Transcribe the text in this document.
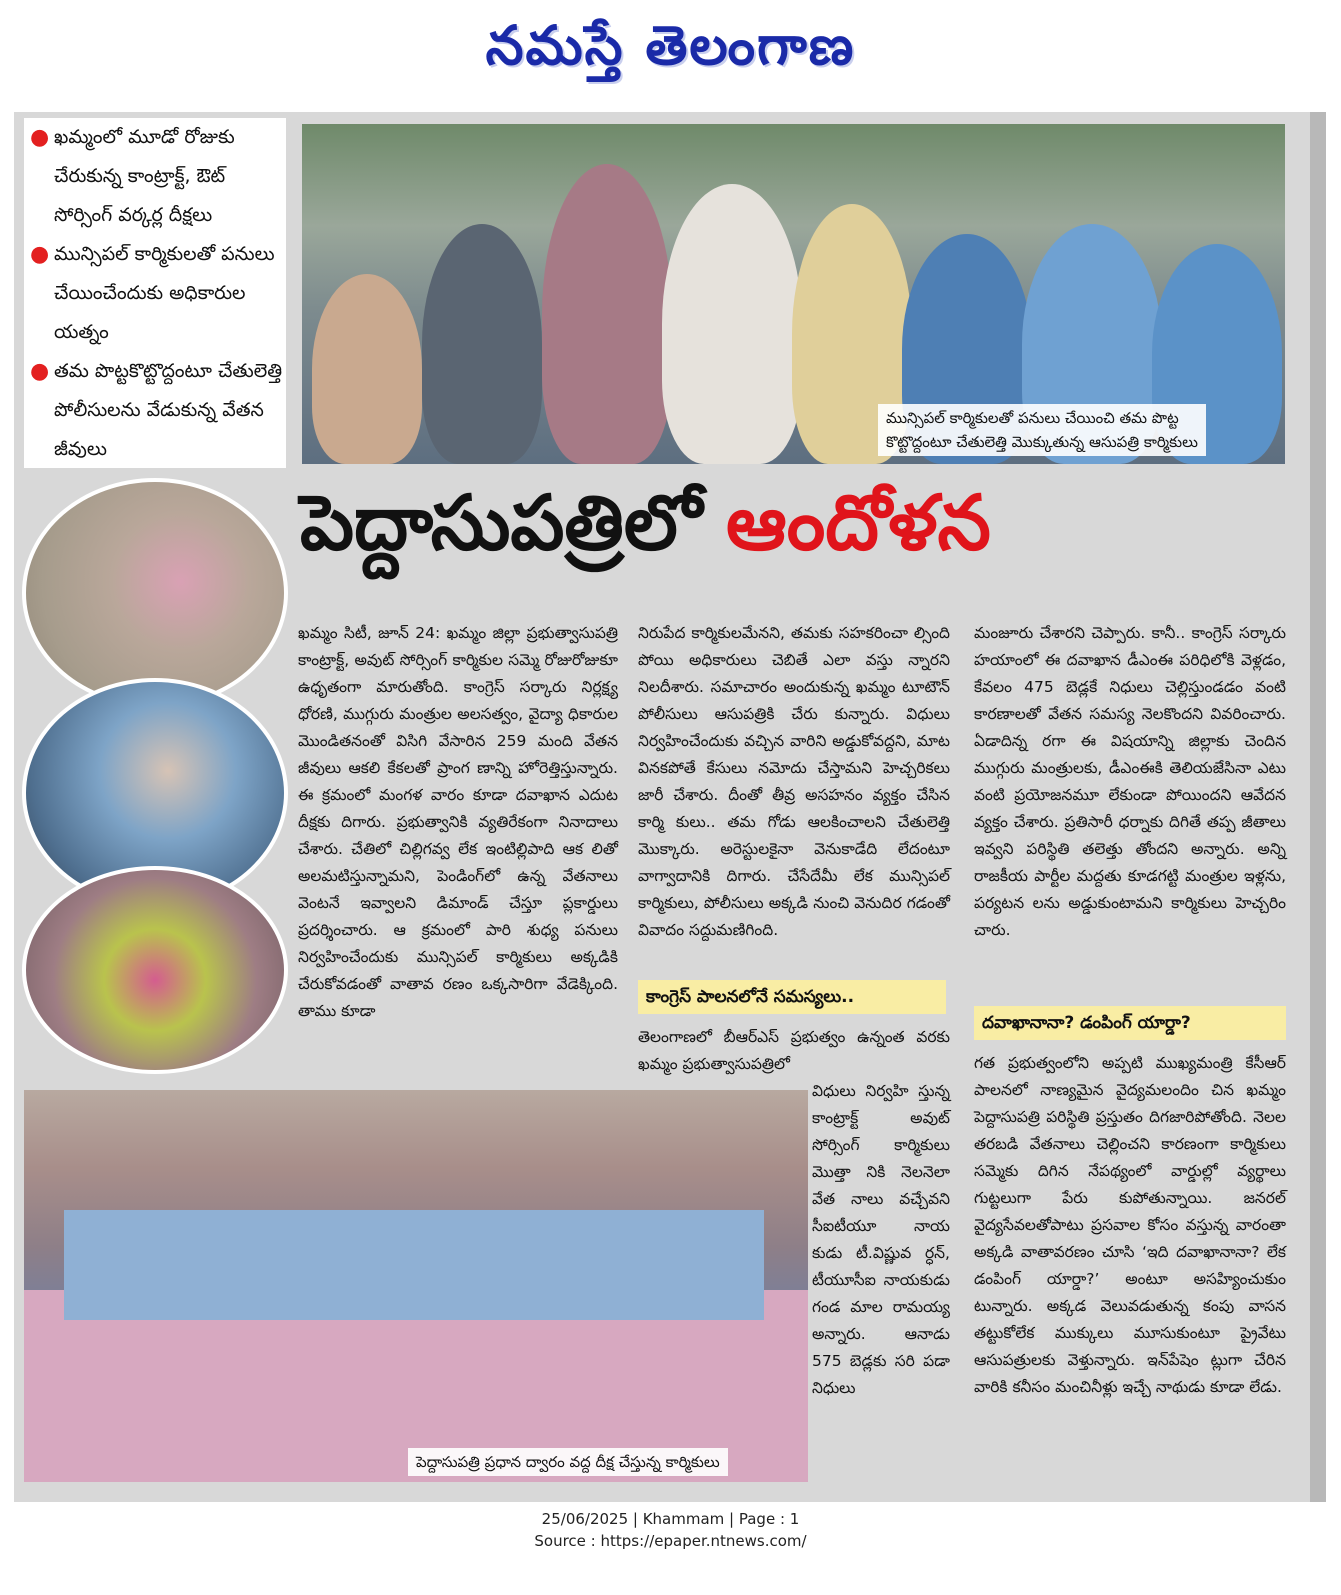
నమస్తే తెలంగాణ
● ఖమ్మంలో మూడో రోజుకు చేరుకున్న కాంట్రాక్ట్, ఔట్ సోర్సింగ్ వర్కర్ల దీక్షలు
● మున్సిపల్ కార్మికులతో పనులు చేయించేందుకు అధికారుల యత్నం
● తమ పొట్టకొట్టొద్దంటూ చేతులెత్తి పోలీసులను వేడుకున్న వేతన జీవులు
మున్సిపల్ కార్మికులతో పనులు చేయించి తమ పొట్ట
కొట్టొద్దంటూ చేతులెత్తి మొక్కుతున్న ఆసుపత్రి కార్మికులు
పెద్దాసుపత్రిలో ఆందోళన
ఖమ్మం సిటీ, జూన్ 24: ఖమ్మం జిల్లా ప్రభుత్వాసుపత్రి కాంట్రాక్ట్, అవుట్ సోర్సింగ్ కార్మికుల సమ్మె రోజురోజుకూ ఉధృతంగా మారుతోంది. కాంగ్రెస్ సర్కారు నిర్లక్ష్య ధోరణి, ముగ్గురు మంత్రుల అలసత్వం, వైద్యా ధికారుల మొండితనంతో విసిగి వేసారిన 259 మంది వేతన జీవులు ఆకలి కేకలతో ప్రాంగ ణాన్ని హోరెత్తిస్తున్నారు. ఈ క్రమంలో మంగళ వారం కూడా దవాఖాన ఎదుట దీక్షకు దిగారు. ప్రభుత్వానికి వ్యతిరేకంగా నినాదాలు చేశారు. చేతిలో చిల్లిగవ్వ లేక ఇంటిల్లిపాది ఆక లితో అలమటిస్తున్నామని, పెండింగ్‌లో ఉన్న వేతనాలు వెంటనే ఇవ్వాలని డిమాండ్ చేస్తూ ప్లకార్డులు ప్రదర్శించారు. ఆ క్రమంలో పారి శుధ్య పనులు నిర్వహించేందుకు మున్సిపల్ కార్మికులు అక్కడికి చేరుకోవడంతో వాతావ రణం ఒక్కసారిగా వేడెక్కింది. తాము కూడా
నిరుపేద కార్మికులమేనని, తమకు సహకరించా ల్సింది పోయి అధికారులు చెబితే ఎలా వస్తు న్నారని నిలదీశారు. సమాచారం అందుకున్న ఖమ్మం టూటౌన్ పోలీసులు ఆసుపత్రికి చేరు కున్నారు. విధులు నిర్వహించేందుకు వచ్చిన వారిని అడ్డుకోవద్దని, మాట వినకపోతే కేసులు నమోదు చేస్తామని హెచ్చరికలు జారీ చేశారు. దీంతో తీవ్ర అసహనం వ్యక్తం చేసిన కార్మి కులు.. తమ గోడు ఆలకించాలని చేతులెత్తి మొక్కారు. అరెస్టులకైనా వెనుకాడేది లేదంటూ వాగ్వాదానికి దిగారు. చేసేదేమీ లేక మున్సిపల్ కార్మికులు, పోలీసులు అక్కడి నుంచి వెనుదిర గడంతో వివాదం సద్దుమణిగింది.
కాంగ్రెస్ పాలనలోనే సమస్యలు..
తెలంగాణలో బీఆర్ఎస్ ప్రభుత్వం ఉన్నంత వరకు ఖమ్మం ప్రభుత్వాసుపత్రిలో
విధులు నిర్వహి స్తున్న కాంట్రాక్ట్ అవుట్ సోర్సింగ్ కార్మికులు మొత్తా నికి నెలనెలా వేత నాలు వచ్చేవని సీఐటీయూ నాయ కుడు టీ.విష్ణువ ర్ధన్, టీయూసీఐ నాయకుడు గండ మాల రామయ్య అన్నారు. ఆనాడు 575 బెడ్లకు సరి పడా నిధులు
మంజూరు చేశారని చెప్పారు. కానీ.. కాంగ్రెస్ సర్కారు హయాంలో ఈ దవాఖాన డీఎంఈ పరిధిలోకి వెళ్లడం, కేవలం 475 బెడ్లకే నిధులు చెల్లిస్తుండడం వంటి కారణాలతో వేతన సమస్య నెలకొందని వివరించారు. ఏడాదిన్న రగా ఈ విషయాన్ని జిల్లాకు చెందిన ముగ్గురు మంత్రులకు, డీఎంఈకి తెలియజేసినా ఎటు వంటి ప్రయోజనమూ లేకుండా పోయిందని ఆవేదన వ్యక్తం చేశారు. ప్రతిసారీ ధర్నాకు దిగితే తప్ప జీతాలు ఇవ్వని పరిస్థితి తలెత్తు తోందని అన్నారు. అన్ని రాజకీయ పార్టీల మద్దతు కూడగట్టి మంత్రుల ఇళ్లను, పర్యటన లను అడ్డుకుంటామని కార్మికులు హెచ్చరిం చారు.
దవాఖానానా? డంపింగ్ యార్డా?
గత ప్రభుత్వంలోని అప్పటి ముఖ్యమంత్రి కేసీఆర్ పాలనలో నాణ్యమైన వైద్యమలందిం చిన ఖమ్మం పెద్దాసుపత్రి పరిస్థితి ప్రస్తుతం దిగజారిపోతోంది. నెలల తరబడి వేతనాలు చెల్లించని కారణంగా కార్మికులు సమ్మెకు దిగిన నేపథ్యంలో వార్డుల్లో వ్యర్థాలు గుట్టలుగా పేరు కుపోతున్నాయి. జనరల్ వైద్యసేవలతోపాటు ప్రసవాల కోసం వస్తున్న వారంతా అక్కడి వాతావరణం చూసి ‘ఇది దవాఖానానా? లేక డంపింగ్ యార్డా?’ అంటూ అసహ్యించుకుం టున్నారు. అక్కడ వెలువడుతున్న కంపు వాసన తట్టుకోలేక ముక్కులు మూసుకుంటూ ప్రైవేటు ఆసుపత్రులకు వెళ్తున్నారు. ఇన్‌పేషెం ట్లుగా చేరిన వారికి కనీసం మంచినీళ్లు ఇచ్చే నాథుడు కూడా లేడు.
పెద్దాసుపత్రి ప్రధాన ద్వారం వద్ద దీక్ష చేస్తున్న కార్మికులు
25/06/2025 | Khammam | Page : 1
Source : https://epaper.ntnews.com/
